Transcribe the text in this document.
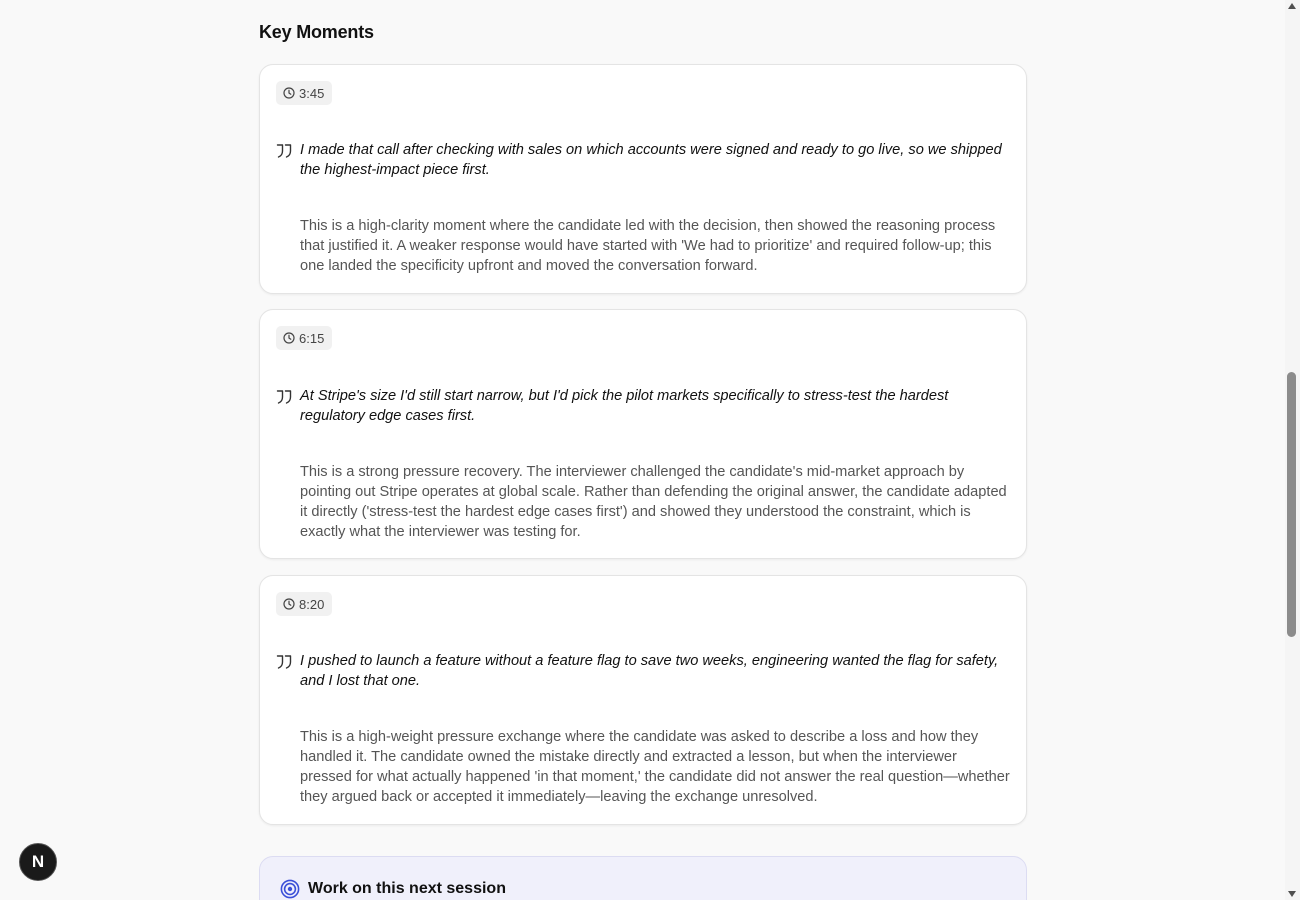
Key Moments
3:45

I made that call after checking with sales on which accounts were signed and ready to go live, so we shipped the highest-impact piece first.

This is a high-clarity moment where the candidate led with the decision, then showed the reasoning process that justified it. A weaker response would have started with 'We had to prioritize' and required follow-up; this one landed the specificity upfront and moved the conversation forward.

6:15

At Stripe's size I'd still start narrow, but I'd pick the pilot markets specifically to stress-test the hardest regulatory edge cases first.

This is a strong pressure recovery. The interviewer challenged the candidate's mid-market approach by pointing out Stripe operates at global scale. Rather than defending the original answer, the candidate adapted it directly ('stress-test the hardest edge cases first') and showed they understood the constraint, which is exactly what the interviewer was testing for.

8:20

I pushed to launch a feature without a feature flag to save two weeks, engineering wanted the flag for safety, and I lost that one.

This is a high-weight pressure exchange where the candidate was asked to describe a loss and how they handled it. The candidate owned the mistake directly and extracted a lesson, but when the interviewer pressed for what actually happened 'in that moment,' the candidate did not answer the real question—whether they argued back or accepted it immediately—leaving the exchange unresolved.

Work on this next session
N
